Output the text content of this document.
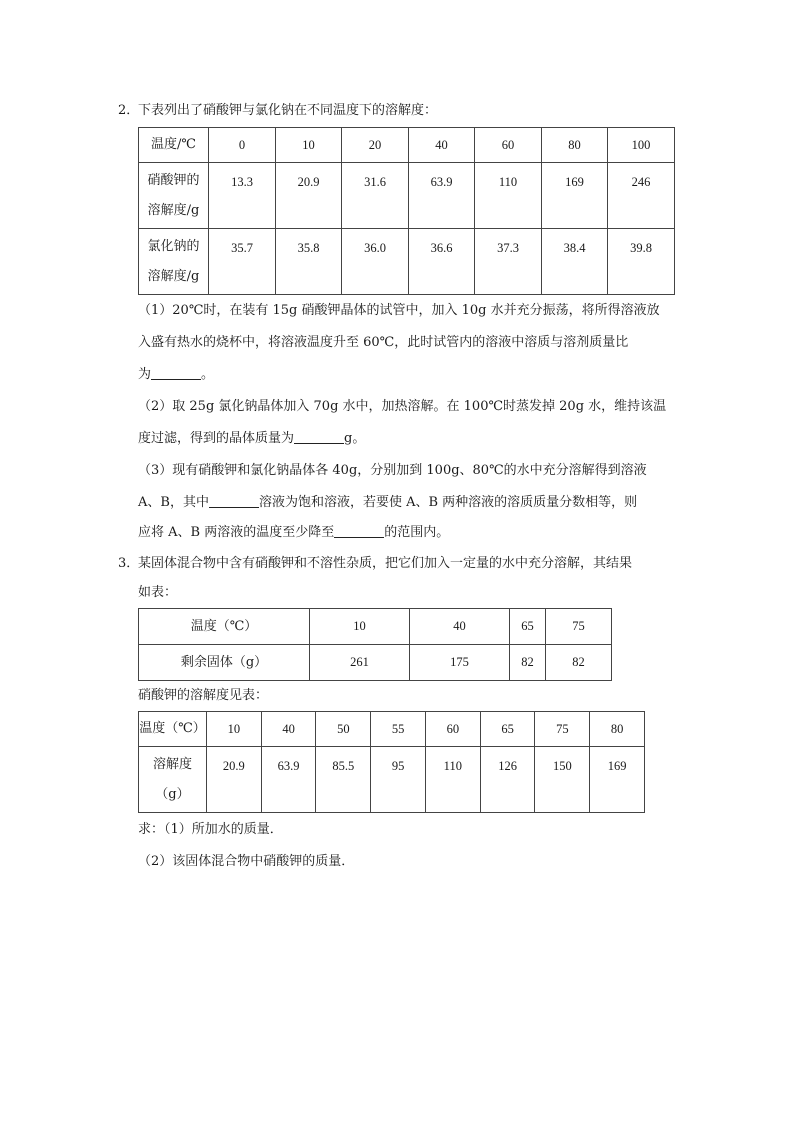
2．下表列出了硝酸钾与氯化钠在不同温度下的溶解度：
温度/℃	0	10	20	40	60	80	100
硝酸钾的
溶解度/g	13.3	20.9	31.6	63.9	110	169	246
氯化钠的
溶解度/g	35.7	35.8	36.0	36.6	37.3	38.4	39.8
（1）20℃时，在装有 15g 硝酸钾晶体的试管中，加入 10g 水并充分振荡，将所得溶液放
入盛有热水的烧杯中，将溶液温度升至 60℃，此时试管内的溶液中溶质与溶剂质量比
为	。
（2）取 25g 氯化钠晶体加入 70g 水中，加热溶解。在 100℃时蒸发掉 20g 水，维持该温
度过滤，得到的晶体质量为	g。
（3）现有硝酸钾和氯化钠晶体各 40g，分别加到 100g、80℃的水中充分溶解得到溶液
A、B，其中	溶液为饱和溶液，若要使 A、B 两种溶液的溶质质量分数相等，则
应将 A、B 两溶液的温度至少降至	的范围内。
3．某固体混合物中含有硝酸钾和不溶性杂质，把它们加入一定量的水中充分溶解，其结果
如表：
温度（℃）	10	40	65	75
剩余固体（g）	261	175	82	82
硝酸钾的溶解度见表：
温度（℃）	10	40	50	55	60	65	75	80
溶解度
（g）	20.9	63.9	85.5	95	110	126	150	169
求：（1）所加水的质量．
（2）该固体混合物中硝酸钾的质量．
